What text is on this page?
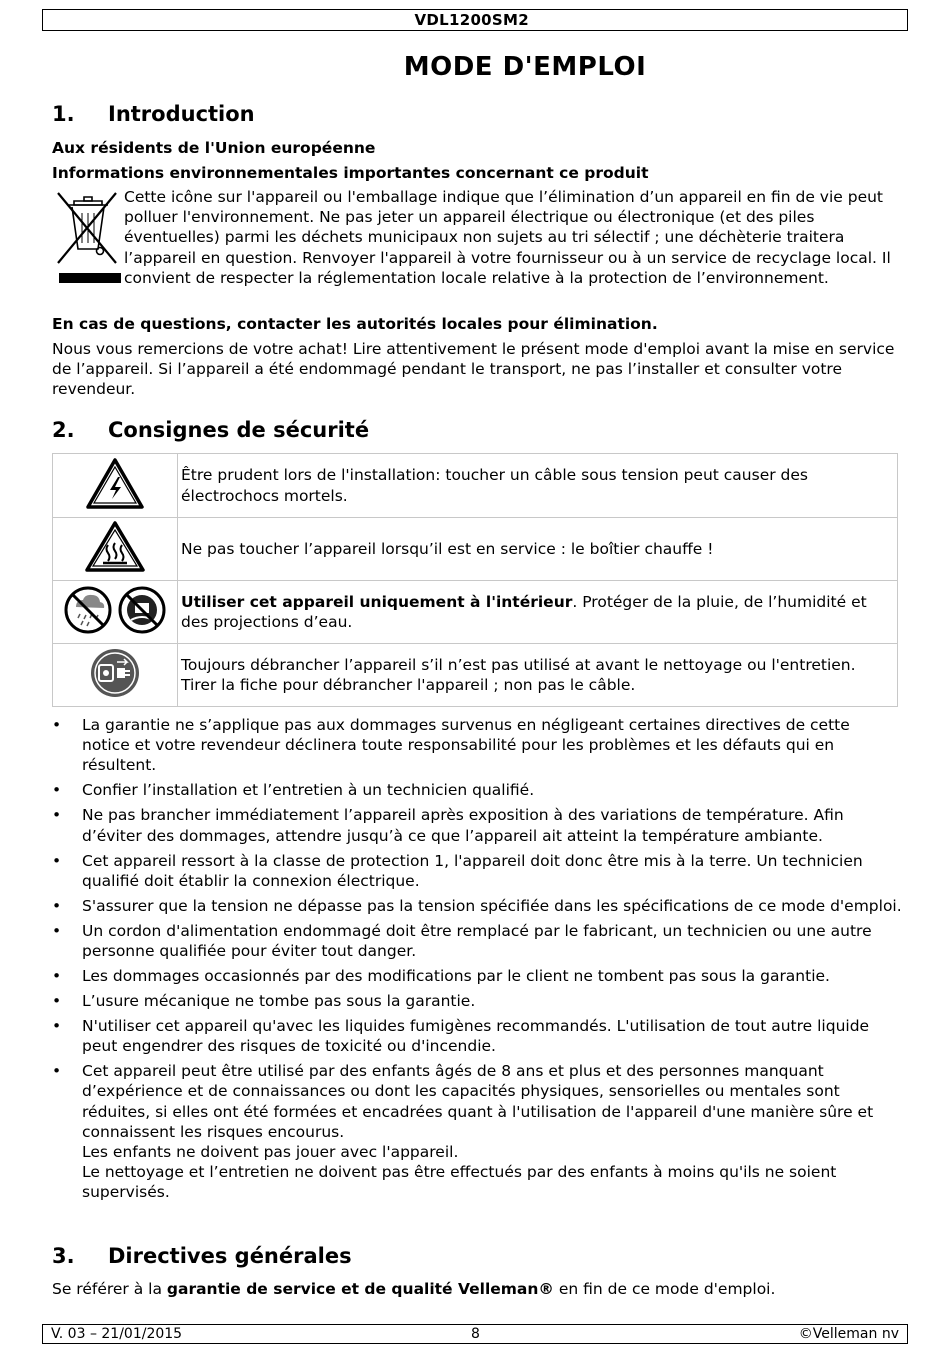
VDL1200SM2
MODE D'EMPLOI
1. Introduction

Aux résidents de l'Union européenne

Informations environnementales importantes concernant ce produit

Cette icône sur l'appareil ou l'emballage indique que l’élimination d’un appareil en fin de vie peut polluer l'environnement. Ne pas jeter un appareil électrique ou électronique (et des piles éventuelles) parmi les déchets municipaux non sujets au tri sélectif ; une déchèterie traitera l’appareil en question. Renvoyer l'appareil à votre fournisseur ou à un service de recyclage local. Il convient de respecter la réglementation locale relative à la protection de l’environnement.

En cas de questions, contacter les autorités locales pour élimination.

Nous vous remercions de votre achat! Lire attentivement le présent mode d'emploi avant la mise en service de l’appareil. Si l’appareil a été endommagé pendant le transport, ne pas l’installer et consulter votre revendeur.

2. Consignes de sécurité
	Être prudent lors de l'installation: toucher un câble sous tension peut causer des électrochocs mortels.
	Ne pas toucher l’appareil lorsqu’il est en service : le boîtier chauffe !
	Utiliser cet appareil uniquement à l'intérieur. Protéger de la pluie, de l’humidité et des projections d’eau.
	Toujours débrancher l’appareil s’il n’est pas utilisé at avant le nettoyage ou l'entretien. Tirer la fiche pour débrancher l'appareil ; non pas le câble.
• La garantie ne s’applique pas aux dommages survenus en négligeant certaines directives de cette notice et votre revendeur déclinera toute responsabilité pour les problèmes et les défauts qui en résultent.
• Confier l’installation et l’entretien à un technicien qualifié.
• Ne pas brancher immédiatement l’appareil après exposition à des variations de température. Afin d’éviter des dommages, attendre jusqu’à ce que l’appareil ait atteint la température ambiante.
• Cet appareil ressort à la classe de protection 1, l'appareil doit donc être mis à la terre. Un technicien qualifié doit établir la connexion électrique.
• S'assurer que la tension ne dépasse pas la tension spécifiée dans les spécifications de ce mode d'emploi.
• Un cordon d'alimentation endommagé doit être remplacé par le fabricant, un technicien ou une autre personne qualifiée pour éviter tout danger.
• Les dommages occasionnés par des modifications par le client ne tombent pas sous la garantie.
• L’usure mécanique ne tombe pas sous la garantie.
• N'utiliser cet appareil qu'avec les liquides fumigènes recommandés. L'utilisation de tout autre liquide peut engendrer des risques de toxicité ou d'incendie.
• Cet appareil peut être utilisé par des enfants âgés de 8 ans et plus et des personnes manquant d’expérience et de connaissances ou dont les capacités physiques, sensorielles ou mentales sont réduites, si elles ont été formées et encadrées quant à l'utilisation de l'appareil d'une manière sûre et connaissent les risques encourus.
Les enfants ne doivent pas jouer avec l'appareil.
Le nettoyage et l’entretien ne doivent pas être effectués par des enfants à moins qu'ils ne soient supervisés.
3. Directives générales

Se référer à la garantie de service et de qualité Velleman® en fin de ce mode d'emploi.

V. 03 – 21/01/2015	8	©Velleman nv
